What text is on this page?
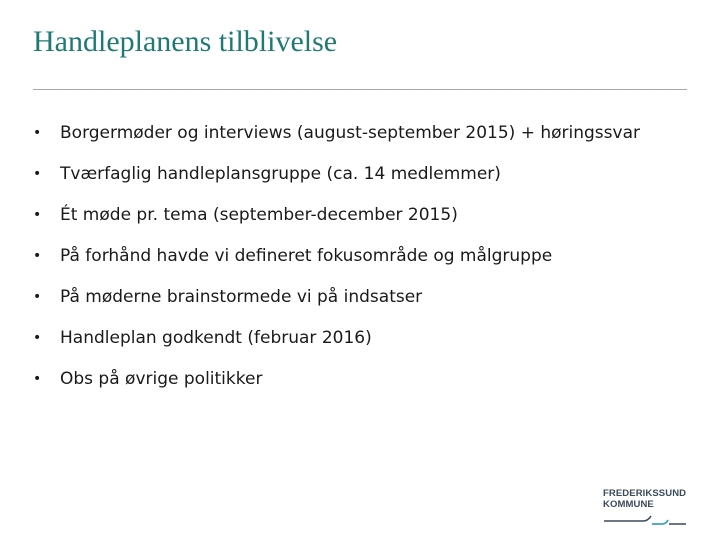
Handleplanens tilblivelse
• Borgermøder og interviews (august-september 2015) + høringssvar
• Tværfaglig handleplansgruppe (ca. 14 medlemmer)
• Ét møde pr. tema (september-december 2015)
• På forhånd havde vi defineret fokusområde og målgruppe
• På møderne brainstormede vi på indsatser
• Handleplan godkendt (februar 2016)
• Obs på øvrige politikker
FREDERIKSSUND
KOMMUNE
